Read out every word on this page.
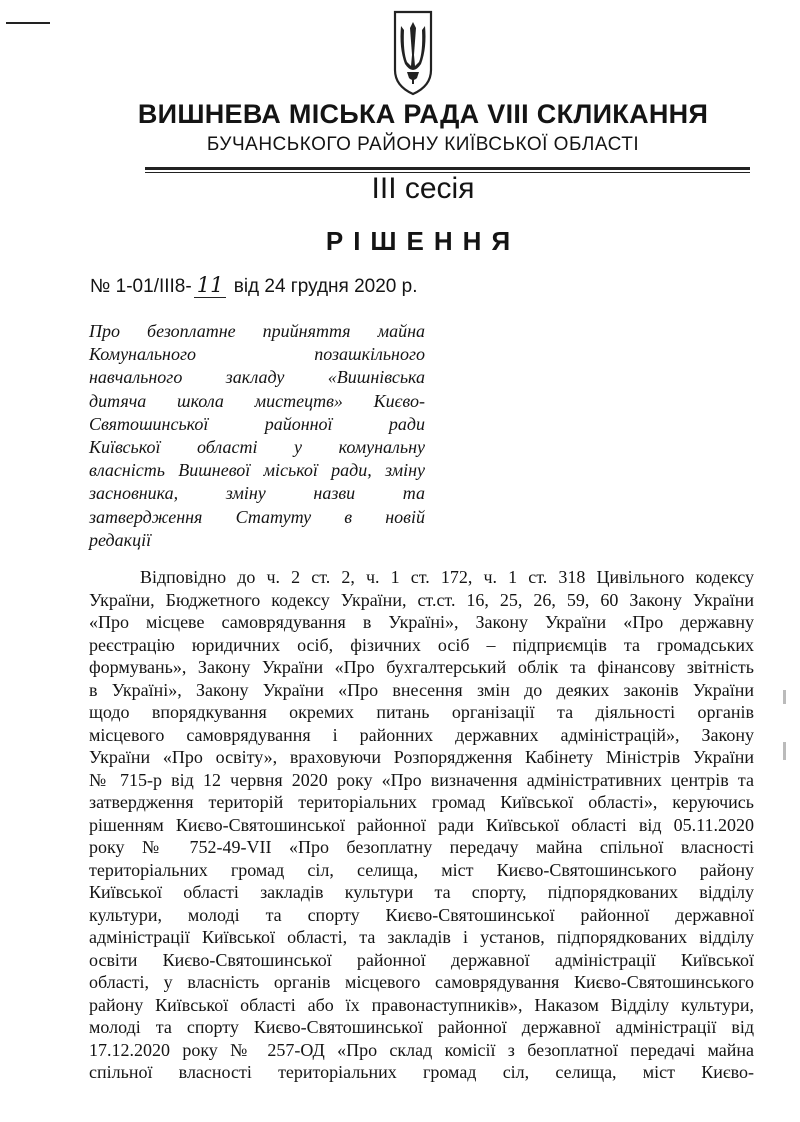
ВИШНЕВА МІСЬКА РАДА VIII СКЛИКАННЯ
БУЧАНСЬКОГО РАЙОНУ КИЇВСЬКОЇ ОБЛАСТІ
ІІІ сесія
РІШЕННЯ
№ 1-01/ІІІ8- 11 від 24 грудня 2020 р.
Про безоплатне прийняття майна
Комунального позашкільного
навчального закладу «Вишнівська
дитяча школа мистецтв» Києво-
Святошинської районної ради
Київської області у комунальну
власність Вишневої міської ради, зміну
засновника, зміну назви та
затвердження Статуту в новій
редакції
Відповідно до ч. 2 ст. 2, ч. 1 ст. 172, ч. 1 ст. 318 Цивільного кодексу
України, Бюджетного кодексу України, ст.ст. 16, 25, 26, 59, 60 Закону України
«Про місцеве самоврядування в Україні», Закону України «Про державну
реєстрацію юридичних осіб, фізичних осіб – підприємців та громадських
формувань», Закону України «Про бухгалтерський облік та фінансову звітність
в Україні», Закону України «Про внесення змін до деяких законів України
щодо впорядкування окремих питань організації та діяльності органів
місцевого самоврядування і районних державних адміністрацій», Закону
України «Про освіту», враховуючи Розпорядження Кабінету Міністрів України
№ 715-р від 12 червня 2020 року «Про визначення адміністративних центрів та
затвердження територій територіальних громад Київської області», керуючись
рішенням Києво-Святошинської районної ради Київської області від 05.11.2020
року № 752-49-VII «Про безоплатну передачу майна спільної власності
територіальних громад сіл, селища, міст Києво-Святошинського району
Київської області закладів культури та спорту, підпорядкованих відділу
культури, молоді та спорту Києво-Святошинської районної державної
адміністрації Київської області, та закладів і установ, підпорядкованих відділу
освіти Києво-Святошинської районної державної адміністрації Київської
області, у власність органів місцевого самоврядування Києво-Святошинського
району Київської області або їх правонаступників», Наказом Відділу культури,
молоді та спорту Києво-Святошинської районної державної адміністрації від
17.12.2020 року № 257-ОД «Про склад комісії з безоплатної передачі майна
спільної власності територіальних громад сіл, селища, міст Києво-
